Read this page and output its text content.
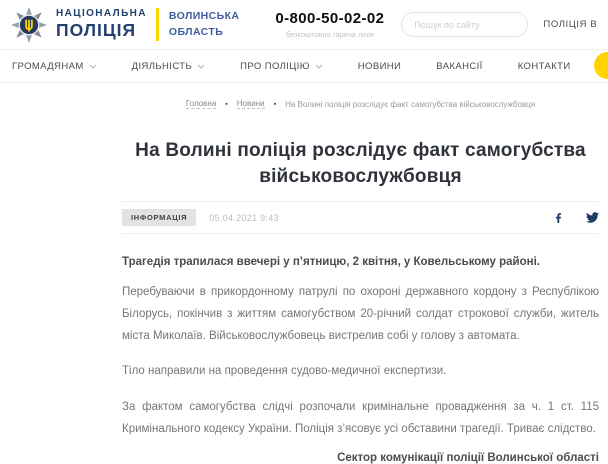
НАЦІОНАЛЬНА
ПОЛІЦІЯ
ВОЛИНСЬКА
ОБЛАСТЬ
0-800-50-02-02
безкоштовна гаряча лінія
Пошук по сайту
ПОЛІЦІЯ В
ГРОМАДЯНАМ	ДІЯЛЬНІСТЬ	ПРО ПОЛІЦІЮ	НОВИНИ	ВАКАНСІЇ	КОНТАКТИ
Головна ▪ Новини ▪ На Волині поліція розслідує факт самогубства військовослужбовця
На Волині поліція розслідує факт самогубства військовослужбовця
ІНФОРМАЦІЯ	05.04.2021 9:43

Трагедія трапилася ввечері у п’ятницю, 2 квітня, у Ковельському районі.

Перебуваючи в прикордонному патрулі по охороні державного кордону з Республікою Білорусь, покінчив з життям самогубством 20-річний солдат строкової служби, житель міста Миколаїв. Військовослужбовець вистрелив собі у голову з автомата.

Тіло направили на проведення судово-медичної експертизи.

За фактом самогубства слідчі розпочали кримінальне провадження за ч. 1 ст. 115 Кримінального кодексу України. Поліція з’ясовує усі обставини трагедії. Триває слідство.

Сектор комунікації поліції Волинської області
